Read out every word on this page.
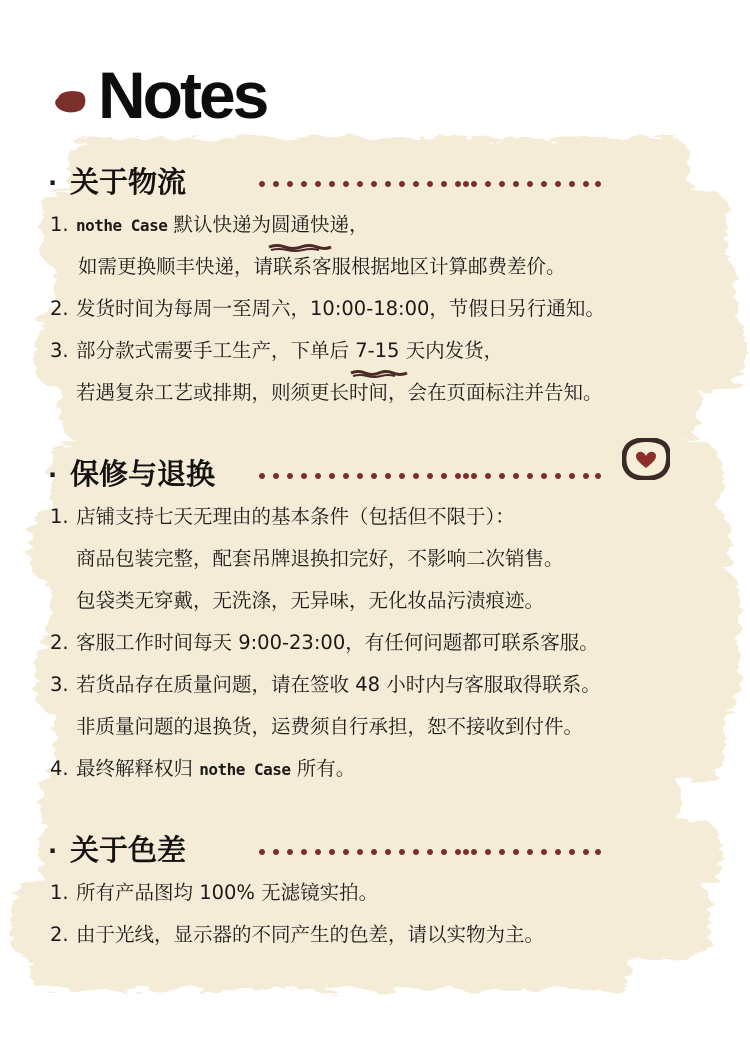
Notes
· 关于物流
1. nothe Case 默认快递为圆通
快递，
如需更换顺丰快递，请联系客服根据地区计算邮费差价。
2. 发货时间为每周一至周六，10:00-18:00，节假日另行通知。
3. 部分款式需要手工生产，下单后 7-15
天内发货，
若遇复杂工艺或排期，则须更长时间，会在页面标注并告知。
· 保修与退换
1. 店铺支持七天无理由的基本条件（包括但不限于）：
商品包装完整，配套吊牌退换扣完好，不影响二次销售。
包袋类无穿戴，无洗涤，无异味，无化妆品污渍痕迹。
2. 客服工作时间每天 9:00-23:00，有任何问题都可联系客服。
3. 若货品存在质量问题，请在签收 48 小时内与客服取得联系。
非质量问题的退换货，运费须自行承担，恕不接收到付件。
4. 最终解释权归 nothe Case 所有。
· 关于色差
1. 所有产品图均 100% 无滤镜实拍。
2. 由于光线，显示器的不同产生的色差，请以实物为主。
